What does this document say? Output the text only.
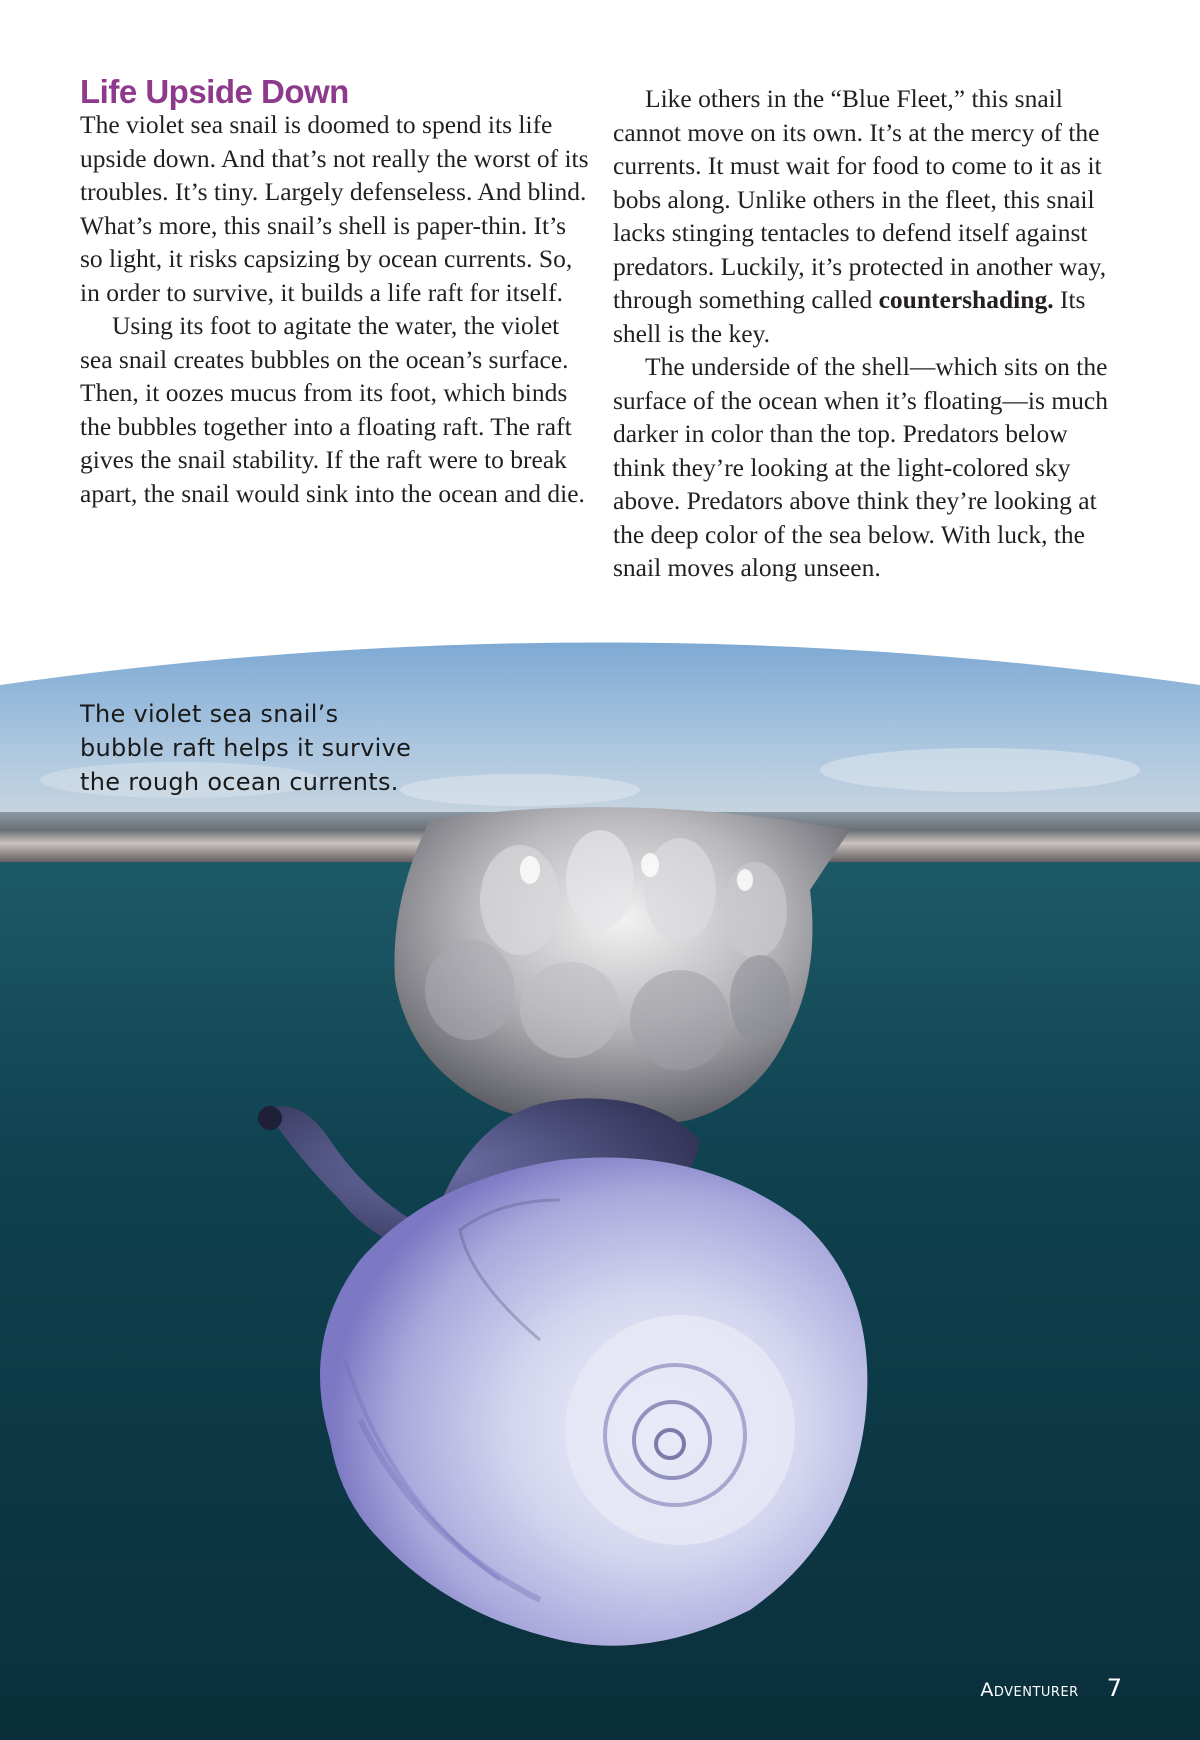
Life Upside Down

The violet sea snail is doomed to spend its life upside down. And that’s not really the worst of its troubles. It’s tiny. Largely defenseless. And blind. What’s more, this snail’s shell is paper-thin. It’s so light, it risks capsizing by ocean currents. So, in order to survive, it builds a life raft for itself.

Using its foot to agitate the water, the violet sea snail creates bubbles on the ocean’s surface. Then, it oozes mucus from its foot, which binds the bubbles together into a floating raft. The raft gives the snail stability. If the raft were to break apart, the snail would sink into the ocean and die.

Like others in the “Blue Fleet,” this snail cannot move on its own. It’s at the mercy of the currents. It must wait for food to come to it as it bobs along. Unlike others in the fleet, this snail lacks stinging tentacles to defend itself against predators. Luckily, it’s protected in another way, through something called countershading. Its shell is the key.

The underside of the shell—which sits on the surface of the ocean when it’s floating—is much darker in color than the top. Predators below think they’re looking at the light-colored sky above. Predators above think they’re looking at the deep color of the sea below. With luck, the snail moves along unseen.

The violet sea snail’s bubble raft helps it survive the rough ocean currents.
Adventurer 7
